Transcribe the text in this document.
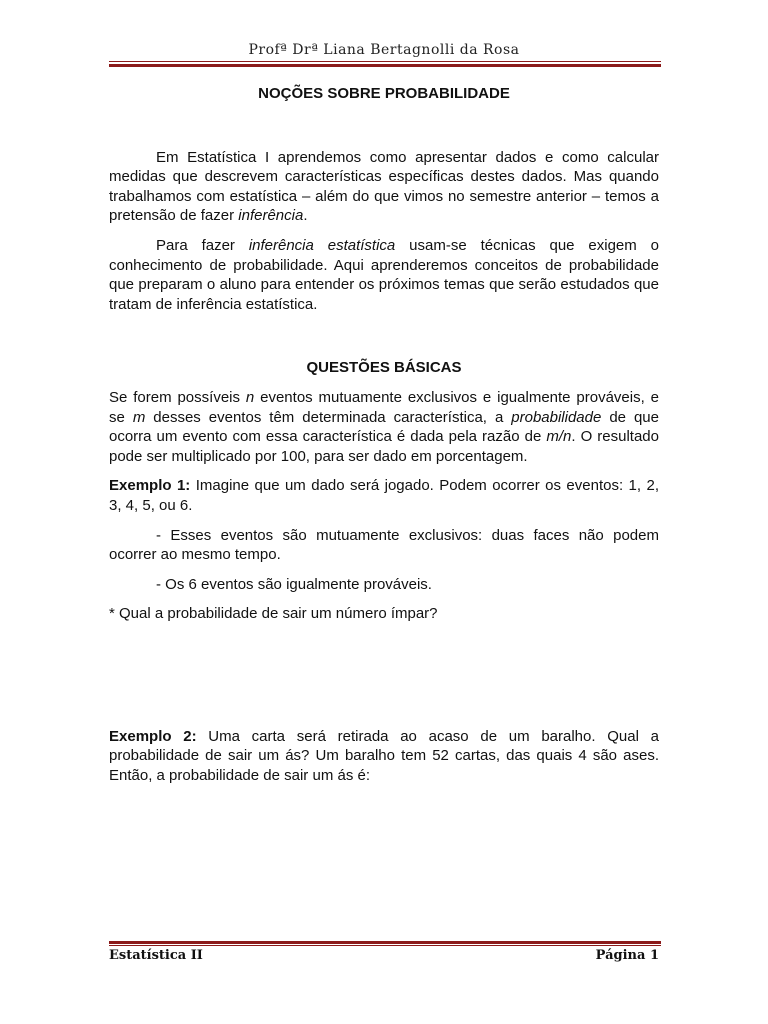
Profª Drª Liana Bertagnolli da Rosa
NOÇÕES SOBRE PROBABILIDADE

Em Estatística I aprendemos como apresentar dados e como calcular medidas que descrevem características específicas destes dados. Mas quando trabalhamos com estatística – além do que vimos no semestre anterior – temos a pretensão de fazer inferência.

Para fazer inferência estatística usam-se técnicas que exigem o conhecimento de probabilidade. Aqui aprenderemos conceitos de probabilidade que preparam o aluno para entender os próximos temas que serão estudados que tratam de inferência estatística.

QUESTÕES BÁSICAS

Se forem possíveis n eventos mutuamente exclusivos e igualmente prováveis, e se m desses eventos têm determinada característica, a probabilidade de que ocorra um evento com essa característica é dada pela razão de m/n. O resultado pode ser multiplicado por 100, para ser dado em porcentagem.

Exemplo 1: Imagine que um dado será jogado. Podem ocorrer os eventos: 1, 2, 3, 4, 5, ou 6.

- Esses eventos são mutuamente exclusivos: duas faces não podem ocorrer ao mesmo tempo.

- Os 6 eventos são igualmente prováveis.

* Qual a probabilidade de sair um número ímpar?

Exemplo 2: Uma carta será retirada ao acaso de um baralho. Qual a probabilidade de sair um ás? Um baralho tem 52 cartas, das quais 4 são ases. Então, a probabilidade de sair um ás é:

Estatística II	Página 1
